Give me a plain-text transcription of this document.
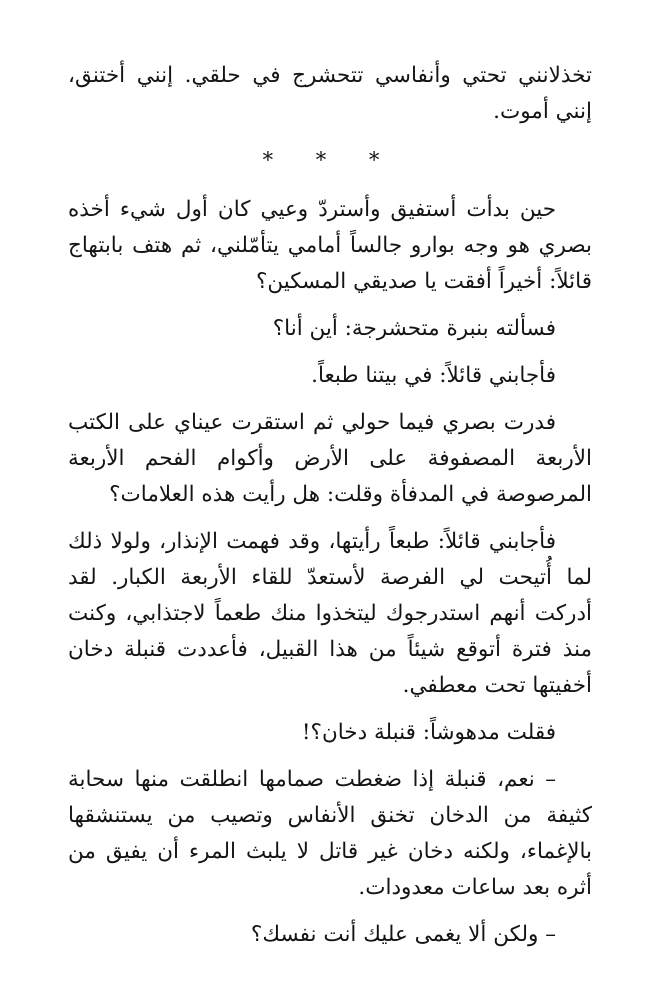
تخذلانني تحتي وأنفاسي تتحشرج في حلقي. إنني أختنق، إنني أموت.

* * *

حين بدأت أستفيق وأستردّ وعيي كان أول شيء أخذه بصري هو وجه بوارو جالساً أمامي يتأمّلني، ثم هتف بابتهاج قائلاً: أخيراً أفقت يا صديقي المسكين؟

فسألته بنبرة متحشرجة: أين أنا؟

فأجابني قائلاً: في بيتنا طبعاً.

فدرت بصري فيما حولي ثم استقرت عيناي على الكتب الأربعة المصفوفة على الأرض وأكوام الفحم الأربعة المرصوصة في المدفأة وقلت: هل رأيت هذه العلامات؟

فأجابني قائلاً: طبعاً رأيتها، وقد فهمت الإنذار، ولولا ذلك لما أُتيحت لي الفرصة لأستعدّ للقاء الأربعة الكبار. لقد أدركت أنهم استدرجوك ليتخذوا منك طعماً لاجتذابي، وكنت منذ فترة أتوقع شيئاً من هذا القبيل، فأعددت قنبلة دخان أخفيتها تحت معطفي.

فقلت مدهوشاً: قنبلة دخان؟!

– نعم، قنبلة إذا ضغطت صمامها انطلقت منها سحابة كثيفة من الدخان تخنق الأنفاس وتصيب من يستنشقها بالإغماء، ولكنه دخان غير قاتل لا يلبث المرء أن يفيق من أثره بعد ساعات معدودات.

– ولكن ألا يغمى عليك أنت نفسك؟
